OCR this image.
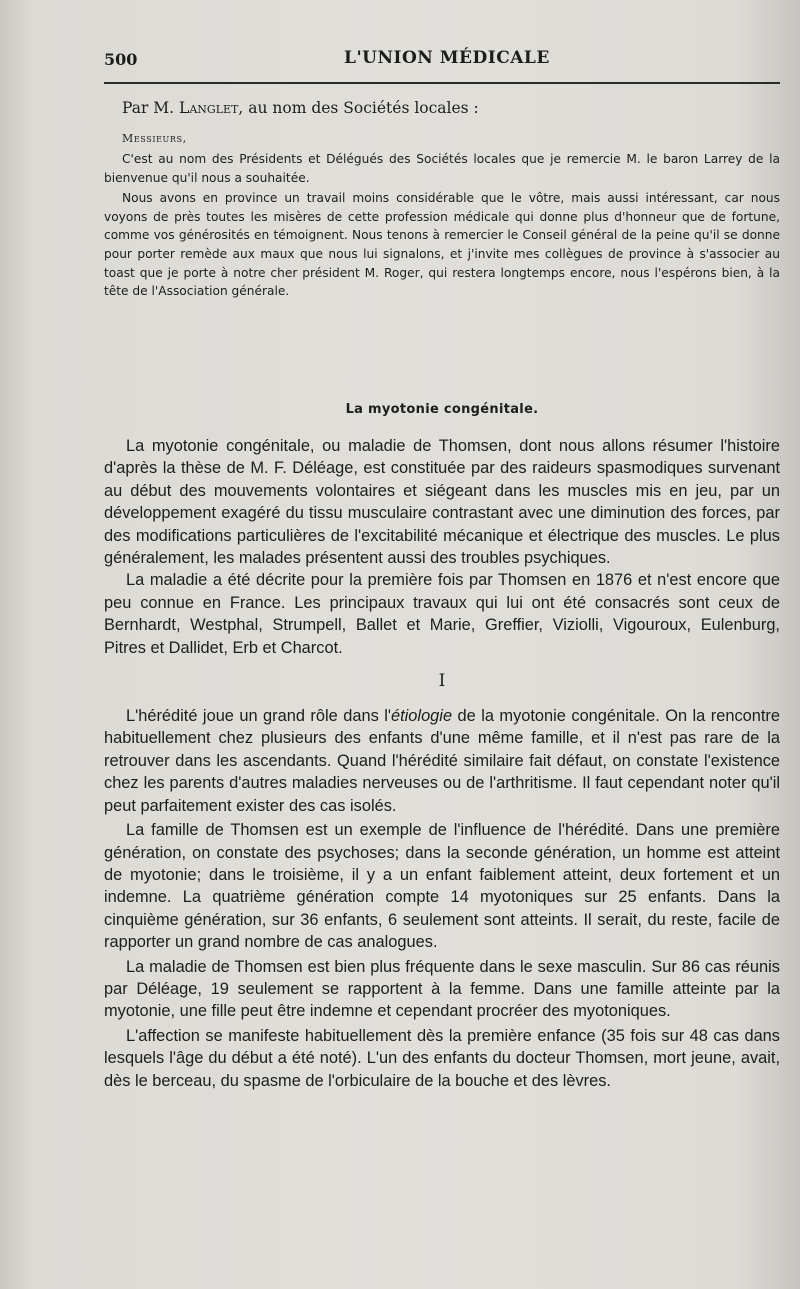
500	L'UNION MÉDICALE

Par M. Langlet, au nom des Sociétés locales :

Messieurs,

C'est au nom des Présidents et Délégués des Sociétés locales que je remercie M. le baron Larrey de la bienvenue qu'il nous a souhaitée.

Nous avons en province un travail moins considérable que le vôtre, mais aussi intéressant, car nous voyons de près toutes les misères de cette profession médicale qui donne plus d'honneur que de fortune, comme vos générosités en témoignent. Nous tenons à remercier le Conseil général de la peine qu'il se donne pour porter remède aux maux que nous lui signalons, et j'invite mes collègues de province à s'associer au toast que je porte à notre cher président M. Roger, qui restera longtemps encore, nous l'espérons bien, à la tête de l'Association générale.

La myotonie congénitale.

La myotonie congénitale, ou maladie de Thomsen, dont nous allons résumer l'histoire d'après la thèse de M. F. Déléage, est constituée par des raideurs spasmodiques survenant au début des mouvements volontaires et siégeant dans les muscles mis en jeu, par un développement exagéré du tissu musculaire contrastant avec une diminution des forces, par des modifications particulières de l'excitabilité mécanique et électrique des muscles. Le plus généralement, les malades présentent aussi des troubles psychiques.

La maladie a été décrite pour la première fois par Thomsen en 1876 et n'est encore que peu connue en France. Les principaux travaux qui lui ont été consacrés sont ceux de Bernhardt, Westphal, Strumpell, Ballet et Marie, Greffier, Viziolli, Vigouroux, Eulenburg, Pitres et Dallidet, Erb et Charcot.

I

L'hérédité joue un grand rôle dans l'étiologie de la myotonie congénitale. On la rencontre habituellement chez plusieurs des enfants d'une même famille, et il n'est pas rare de la retrouver dans les ascendants. Quand l'hérédité similaire fait défaut, on constate l'existence chez les parents d'autres maladies nerveuses ou de l'arthritisme. Il faut cependant noter qu'il peut parfaitement exister des cas isolés.

La famille de Thomsen est un exemple de l'influence de l'hérédité. Dans une première génération, on constate des psychoses; dans la seconde génération, un homme est atteint de myotonie; dans le troisième, il y a un enfant faiblement atteint, deux fortement et un indemne. La quatrième génération compte 14 myotoniques sur 25 enfants. Dans la cinquième génération, sur 36 enfants, 6 seulement sont atteints. Il serait, du reste, facile de rapporter un grand nombre de cas analogues.

La maladie de Thomsen est bien plus fréquente dans le sexe masculin. Sur 86 cas réunis par Déléage, 19 seulement se rapportent à la femme. Dans une famille atteinte par la myotonie, une fille peut être indemne et cependant procréer des myotoniques.

L'affection se manifeste habituellement dès la première enfance (35 fois sur 48 cas dans lesquels l'âge du début a été noté). L'un des enfants du docteur Thomsen, mort jeune, avait, dès le berceau, du spasme de l'orbiculaire de la bouche et des lèvres.
